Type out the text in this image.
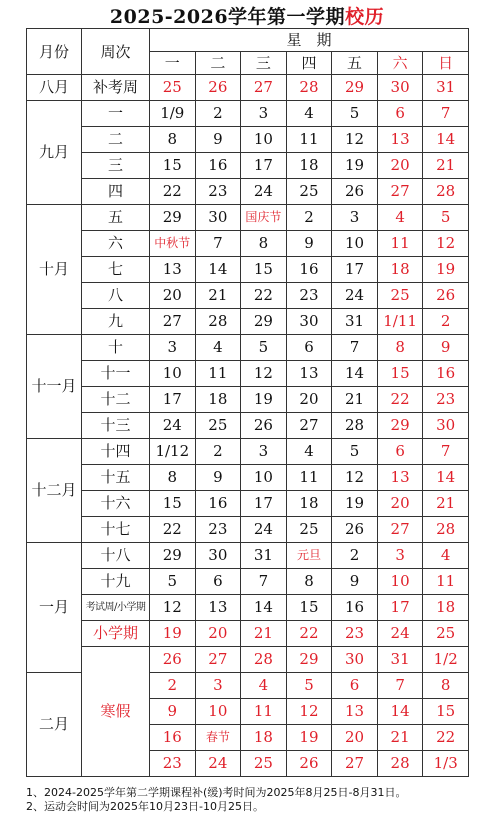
2025-2026学年第一学期校历
月份	周次	星　期						
		一	二	三	四	五	六	日
八月	补考周	25	26	27	28	29	30	31
九月	一	1/9	2	3	4	5	6	7
	二	8	9	10	11	12	13	14
	三	15	16	17	18	19	20	21
	四	22	23	24	25	26	27	28
十月	五	29	30	国庆节	2	3	4	5
	六	中秋节	7	8	9	10	11	12
	七	13	14	15	16	17	18	19
	八	20	21	22	23	24	25	26
	九	27	28	29	30	31	1/11	2
十一月	十	3	4	5	6	7	8	9
	十一	10	11	12	13	14	15	16
	十二	17	18	19	20	21	22	23
	十三	24	25	26	27	28	29	30
十二月	十四	1/12	2	3	4	5	6	7
	十五	8	9	10	11	12	13	14
	十六	15	16	17	18	19	20	21
	十七	22	23	24	25	26	27	28
一月	十八	29	30	31	元旦	2	3	4
	十九	5	6	7	8	9	10	11
	考试周/小学期	12	13	14	15	16	17	18
	小学期	19	20	21	22	23	24	25
	寒假	26	27	28	29	30	31	1/2
二月		2	3	4	5	6	7	8
		9	10	11	12	13	14	15
		16	春节	18	19	20	21	22
		23	24	25	26	27	28	1/3
1、2024-2025学年第二学期课程补(缓)考时间为2025年8月25日-8月31日。
2、运动会时间为2025年10月23日-10月25日。
